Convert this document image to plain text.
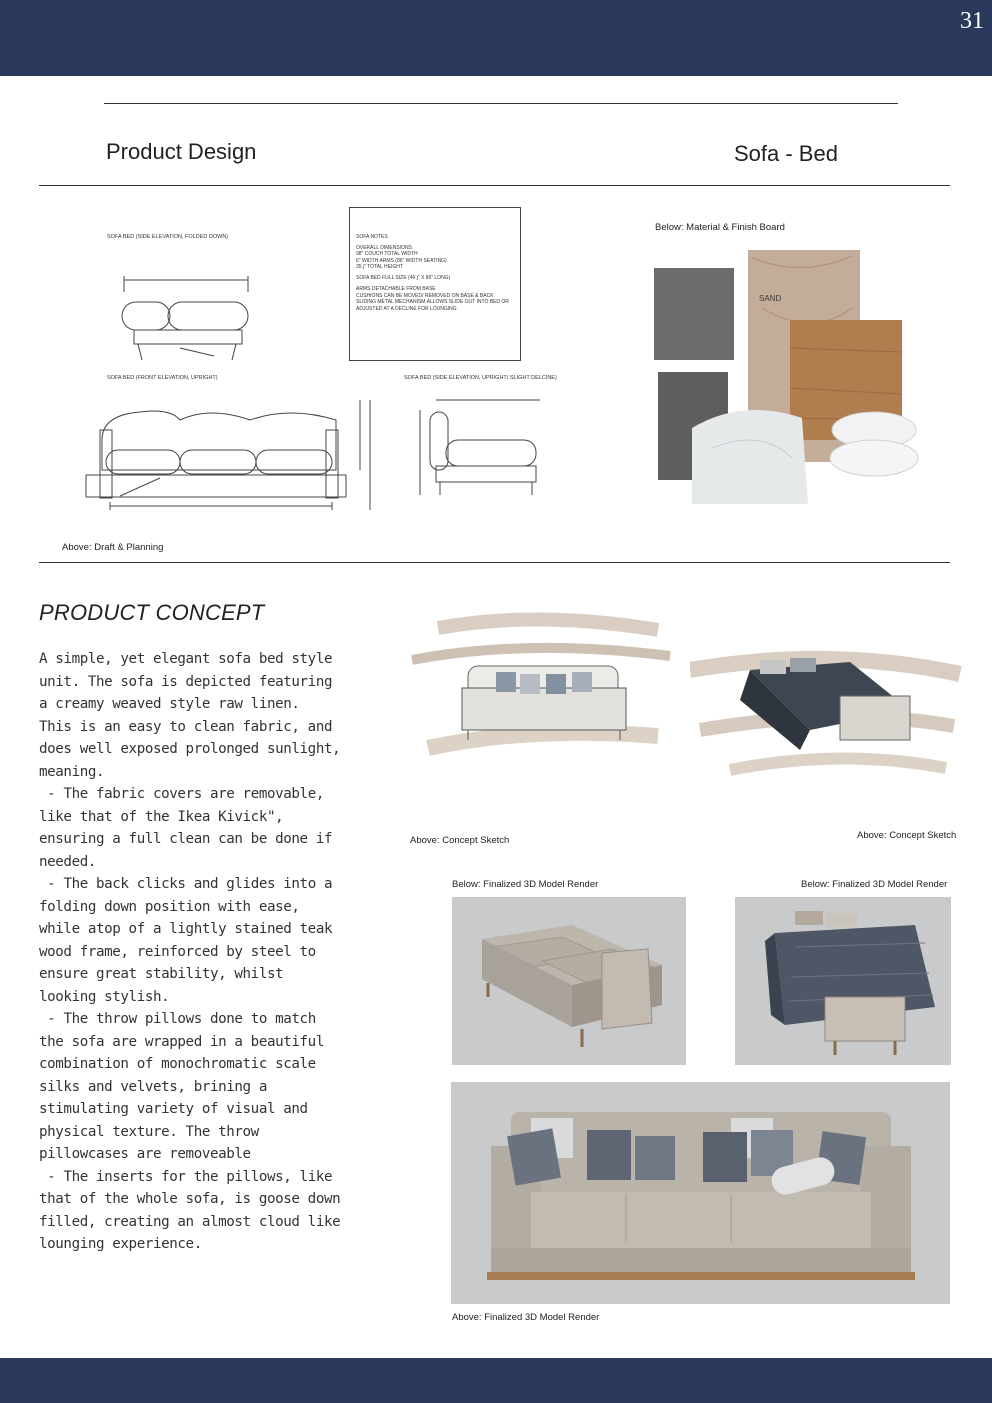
31
Product Design	Sofa - Bed
SOFA BED (SIDE ELEVATION, FOLDED DOWN)
SOFA BED (FRONT ELEVATION, UPRIGHT)	SOFA BED (SIDE ELEVATION, UPRIGHT/ SLIGHT DELCINE)
SOFA NOTES
OVERALL DIMENSIONS
98" COUCH TOTAL WIDTH
6" WIDTH ARMS (86" WIDTH SEATING)
35 j" TOTAL HEIGHT
SOFA BED FULL SIZE (46 j" X 86" LONG)
ARMS DETACHABLE FROM BASE
CUSHIONS CAN BE MOVED/ REMOVED ON BASE & BACK
SLIDING METAL MECHANISM ALLOWS SLIDE OUT INTO BED OR
ADJUSTED AT A DECLINE FOR LOUNGING
Above: Draft & Planning
Below: Material & Finish Board
SAND
PRODUCT CONCEPT
A simple, yet elegant sofa bed style
unit. The sofa is depicted featuring
a creamy weaved style raw linen.
This is an easy to clean fabric, and
does well exposed prolonged sunlight,
meaning.
- The fabric covers are removable,
like that of the Ikea Kivick",
ensuring a full clean can be done if
needed.
- The back clicks and glides into a
folding down position with ease,
while atop of a lightly stained teak
wood frame, reinforced by steel to
ensure great stability, whilst
looking stylish.
- The throw pillows done to match
the sofa are wrapped in a beautiful
combination of monochromatic scale
silks and velvets, brining a
stimulating variety of visual and
physical texture. The throw
pillowcases are removeable
- The inserts for the pillows, like
that of the whole sofa, is goose down
filled, creating an almost cloud like
lounging experience.
Above: Concept Sketch	Above: Concept Sketch
Below: Finalized 3D Model Render	Below: Finalized 3D Model Render
Above: Finalized 3D Model Render
